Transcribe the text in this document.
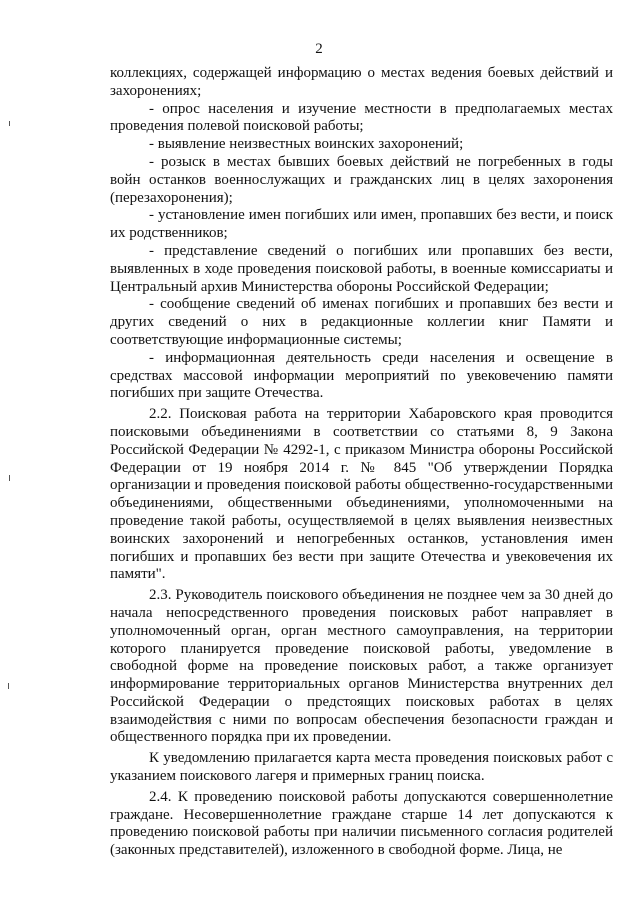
2

коллекциях, содержащей информацию о местах ведения боевых действий и захоронениях;

- опрос населения и изучение местности в предполагаемых местах проведения полевой поисковой работы;

- выявление неизвестных воинских захоронений;

- розыск в местах бывших боевых действий не погребенных в годы войн останков военнослужащих и гражданских лиц в целях захоронения (перезахоронения);

- установление имен погибших или имен, пропавших без вести, и поиск их родственников;

- представление сведений о погибших или пропавших без вести, выявленных в ходе проведения поисковой работы, в военные комиссариаты и Центральный архив Министерства обороны Российской Федерации;

- сообщение сведений об именах погибших и пропавших без вести и других сведений о них в редакционные коллегии книг Памяти и соответствующие информационные системы;

- информационная деятельность среди населения и освещение в средствах массовой информации мероприятий по увековечению памяти погибших при защите Отечества.

2.2. Поисковая работа на территории Хабаровского края проводится поисковыми объединениями в соответствии со статьями 8, 9 Закона Российской Федерации № 4292-1, с приказом Министра обороны Российской Федерации от 19 ноября 2014 г. № 845 "Об утверждении Порядка организации и проведения поисковой работы общественно-государственными объединениями, общественными объединениями, уполномоченными на проведение такой работы, осуществляемой в целях выявления неизвестных воинских захоронений и непогребенных останков, установления имен погибших и пропавших без вести при защите Отечества и увековечения их памяти".

2.3. Руководитель поискового объединения не позднее чем за 30 дней до начала непосредственного проведения поисковых работ направляет в уполномоченный орган, орган местного самоуправления, на территории которого планируется проведение поисковой работы, уведомление в свободной форме на проведение поисковых работ, а также организует информирование территориальных органов Министерства внутренних дел Российской Федерации о предстоящих поисковых работах в целях взаимодействия с ними по вопросам обеспечения безопасности граждан и общественного порядка при их проведении.

К уведомлению прилагается карта места проведения поисковых работ с указанием поискового лагеря и примерных границ поиска.

2.4. К проведению поисковой работы допускаются совершеннолетние граждане. Несовершеннолетние граждане старше 14 лет допускаются к проведению поисковой работы при наличии письменного согласия родителей (законных представителей), изложенного в свободной форме. Лица, не
